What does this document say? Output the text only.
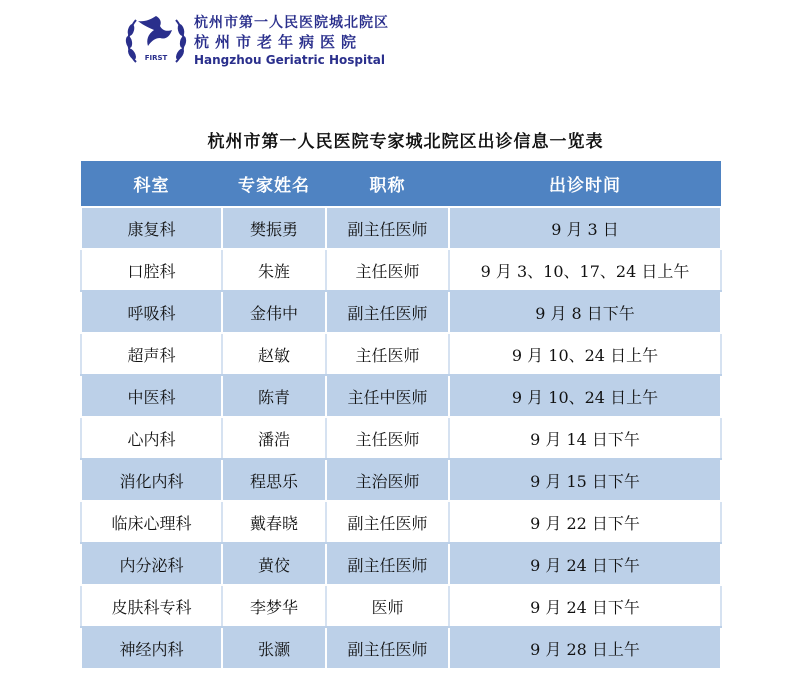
FIRST
杭州市第一人民医院城北院区
杭州市老年病医院
Hangzhou Geriatric Hospital
杭州市第一人民医院专家城北院区出诊信息一览表
科室	专家姓名	职称	出诊时间
康复科	樊振勇	副主任医师	9 月 3 日
口腔科	朱旌	主任医师	9 月 3、10、17、24 日上午
呼吸科	金伟中	副主任医师	9 月 8 日下午
超声科	赵敏	主任医师	9 月 10、24 日上午
中医科	陈青	主任中医师	9 月 10、24 日上午
心内科	潘浩	主任医师	9 月 14 日下午
消化内科	程思乐	主治医师	9 月 15 日下午
临床心理科	戴春晓	副主任医师	9 月 22 日下午
内分泌科	黄佼	副主任医师	9 月 24 日下午
皮肤科专科	李梦华	医师	9 月 24 日下午
神经内科	张灏	副主任医师	9 月 28 日上午
